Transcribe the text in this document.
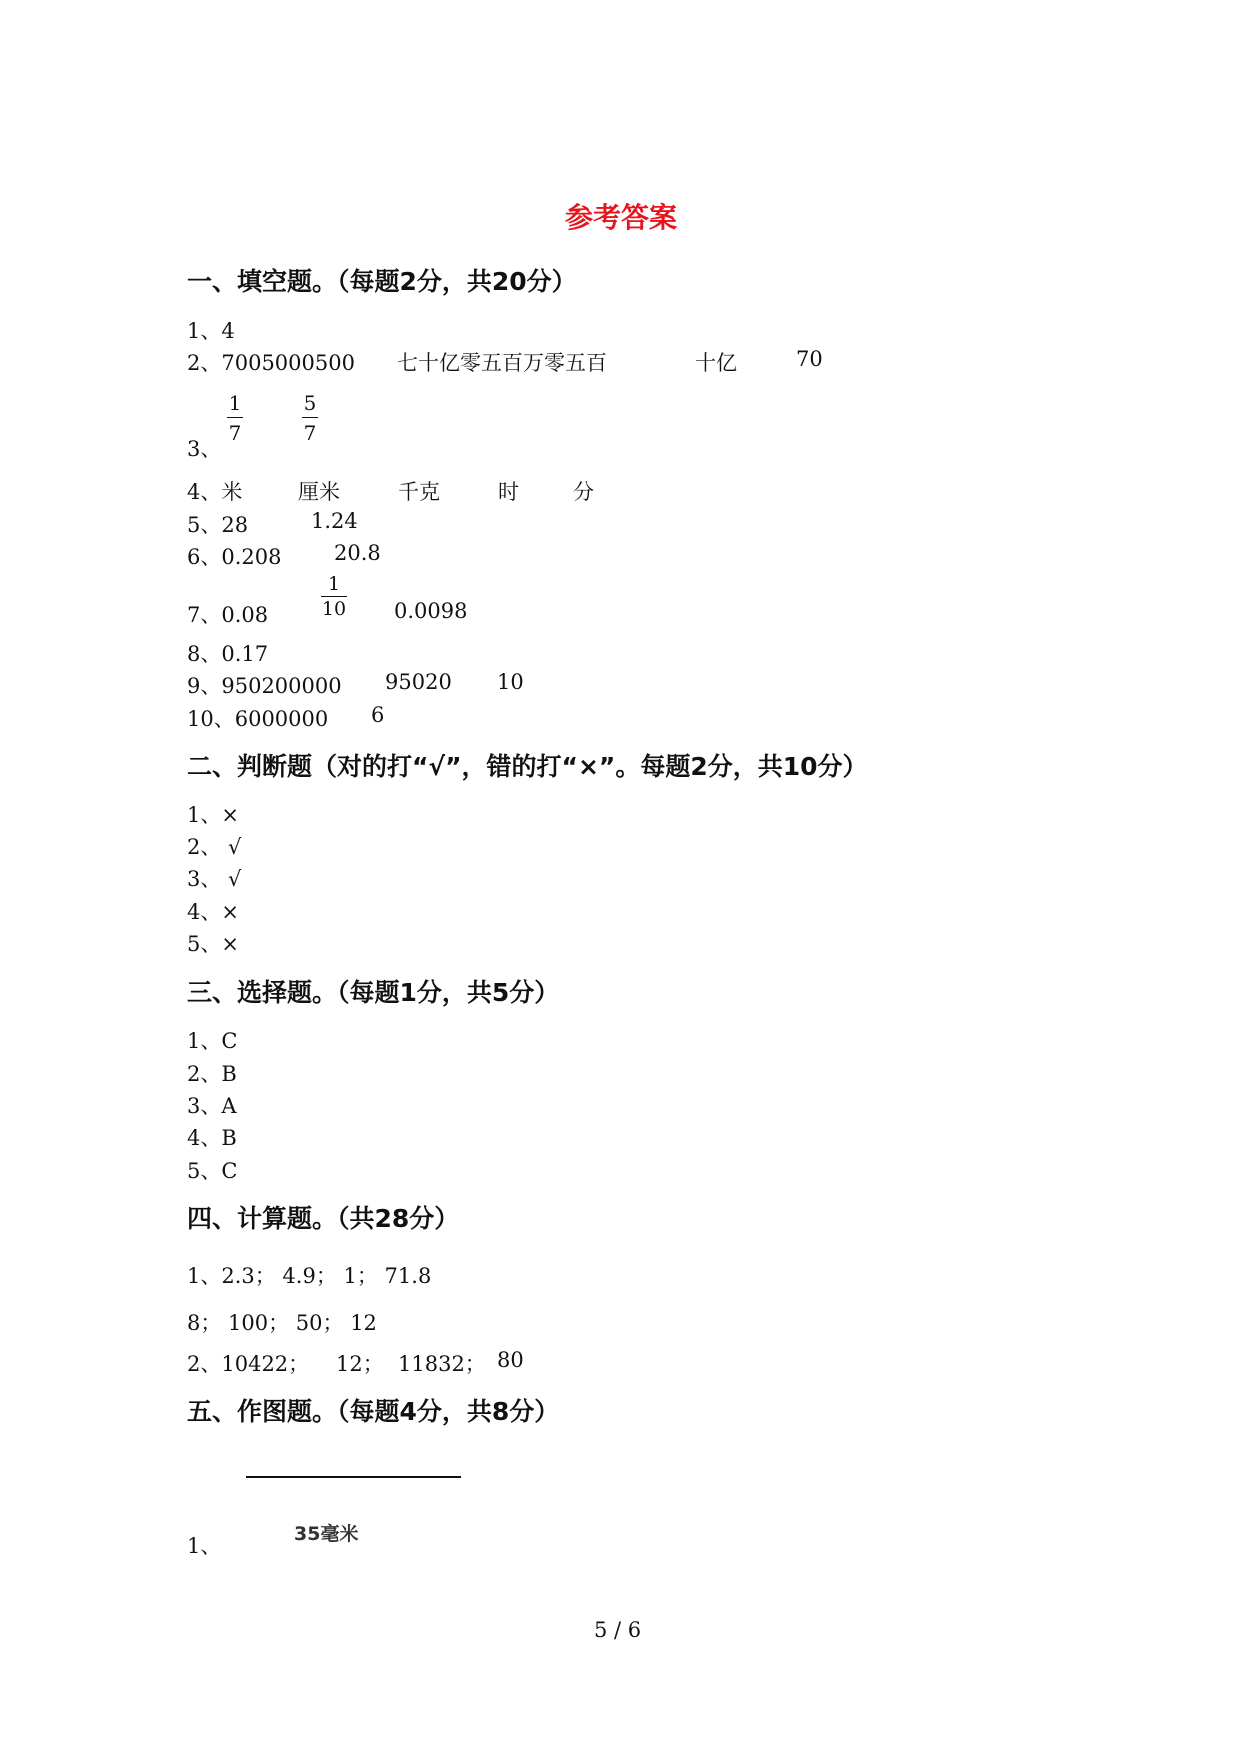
参考答案
一、填空题。（每题2分，共20分）
1、4
2、7005000500 七十亿零五百万零五百	十亿	70
3、
1
7
5
7
4、米	厘米	千克	时	分
5、28	1.24
6、0.208	20.8
7、0.08
1
10 0.0098
8、0.17
9、950200000 95020 10
10、6000000 6
二、判断题（对的打“√”，错的打“×”。每题2分，共10分）
1、×
2、 √
3、 √
4、×
5、×
三、选择题。（每题1分，共5分）
1、C
2、B
3、A
4、B
5、C
四、计算题。（共28分）
1、2.3； 4.9； 1； 71.8
8； 100； 50； 12
2、10422； 12； 11832； 80
五、作图题。（每题4分，共8分）
35毫米
1、
5 / 6
